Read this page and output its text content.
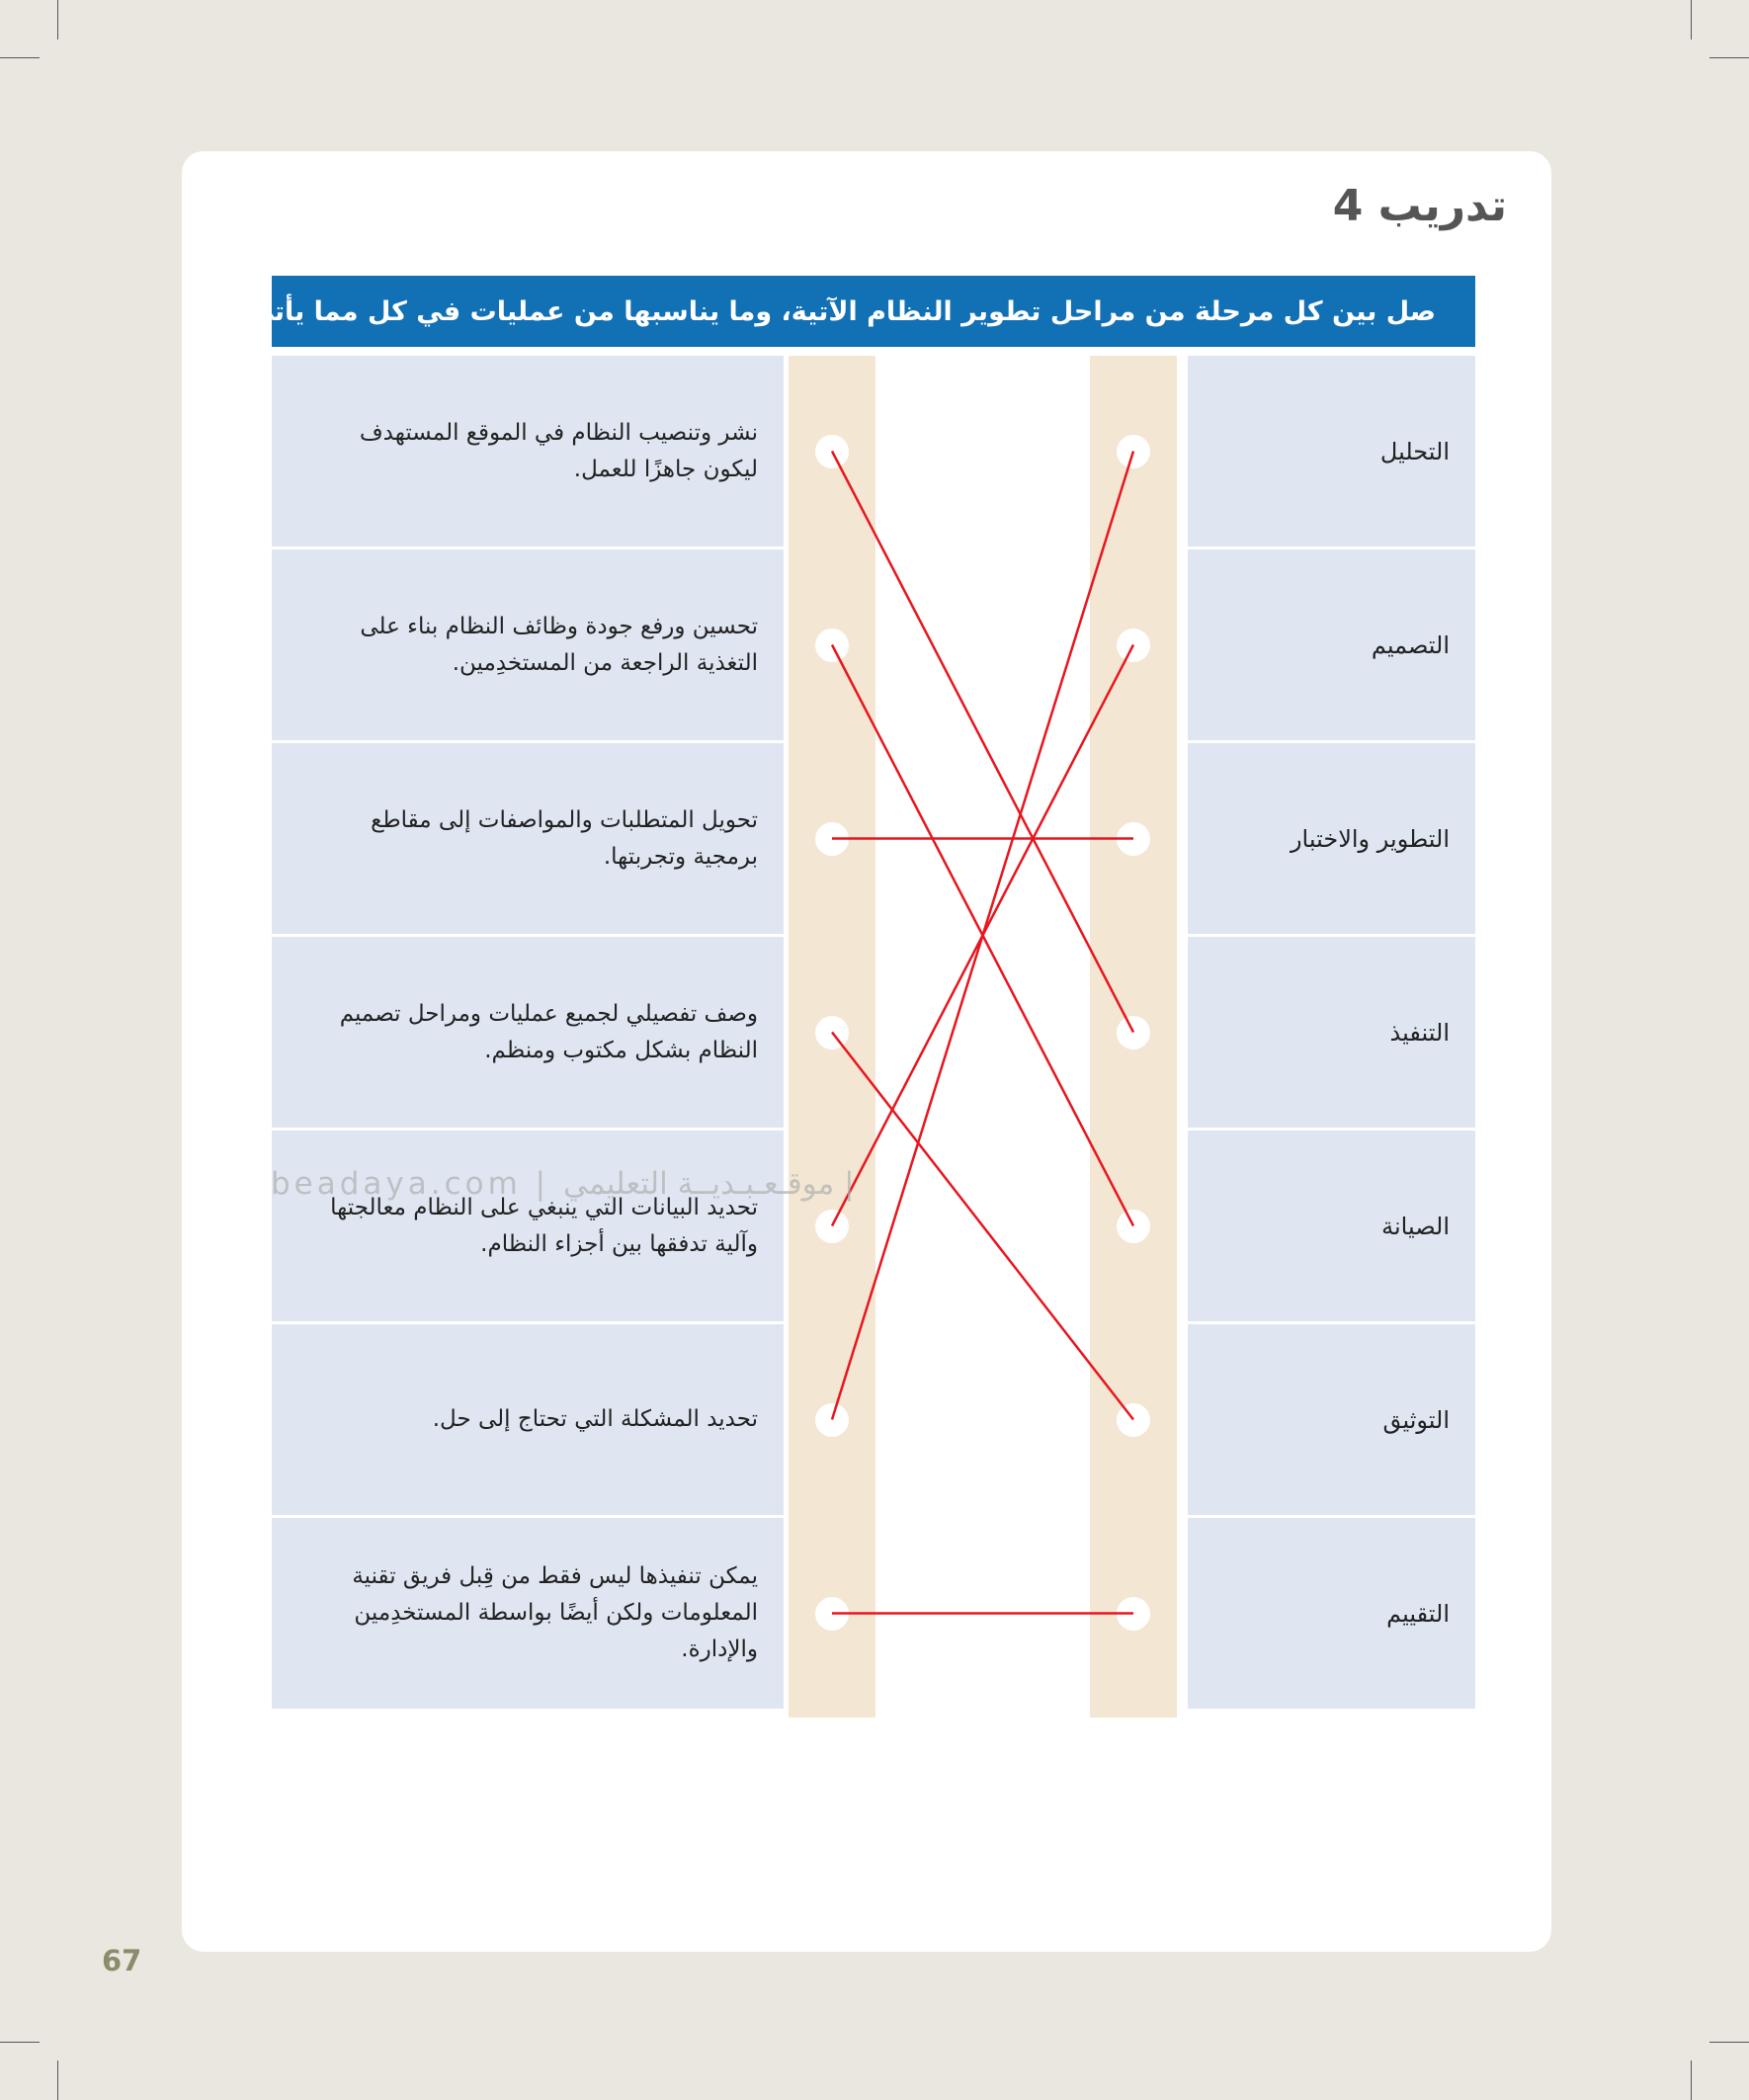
تدريب 4
صل بين كل مرحلة من مراحل تطوير النظام الآتية، وما يناسبها من عمليات في كل مما يأتي:
نشر وتنصيب النظام في الموقع المستهدف ليكون جاهزًا للعمل.
التحليل
تحسين ورفع جودة وظائف النظام بناء على التغذية الراجعة من المستخدِمين.
التصميم
تحويل المتطلبات والمواصفات إلى مقاطع برمجية وتجربتها.
التطوير والاختبار
وصف تفصيلي لجميع عمليات ومراحل تصميم النظام بشكل مكتوب ومنظم.
التنفيذ
تحديد البيانات التي ينبغي على النظام معالجتها وآلية تدفقها بين أجزاء النظام.
الصيانة
تحديد المشكلة التي تحتاج إلى حل.	التوثيق
يمكن تنفيذها ليس فقط من قِبل فريق تقنية المعلومات ولكن أيضًا بواسطة المستخدِمين والإدارة.
التقييم
beadaya.com | موقـعـبـديــة التعليمي |

67
